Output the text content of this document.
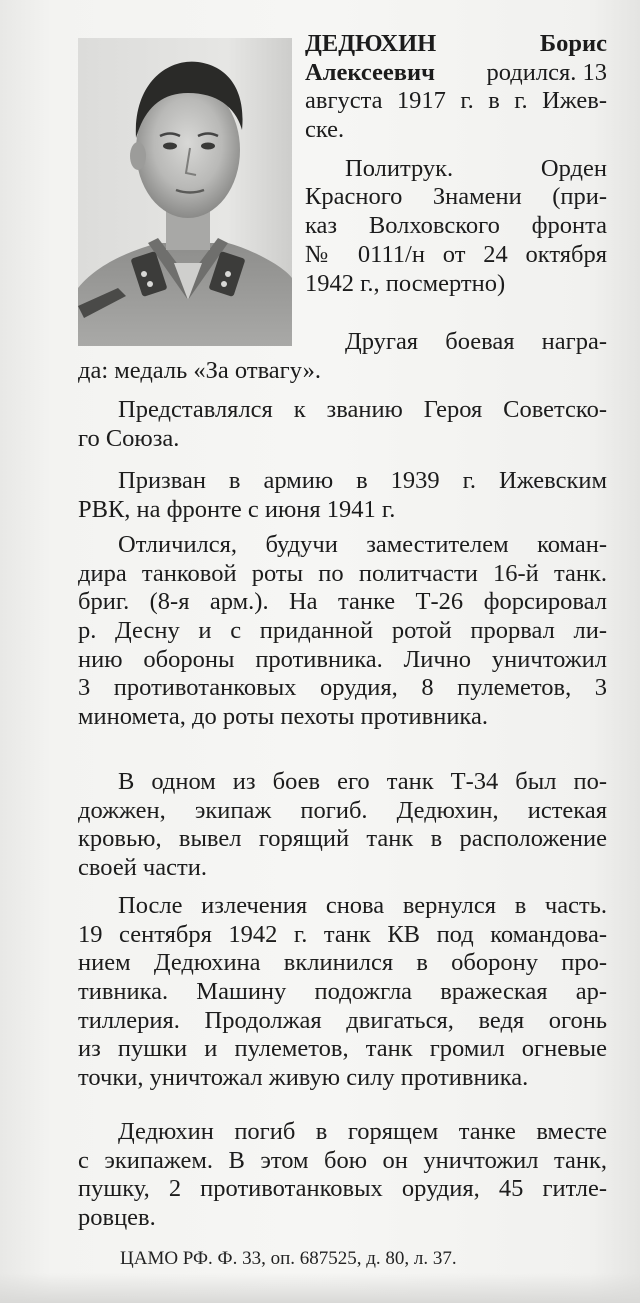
ДЕДЮХИН	Борис
Алексеевич родился. 13
августа 1917 г. в г. Ижев-
ске.
Политрук.	Орден
Красного Знамени (при-
каз Волховского фронта
№ 0111/н от 24 октября
1942 г., посмертно)
Другая боевая награ-
да: медаль «За отвагу».
Представлялся к званию Героя Советско-
го Союза.
Призван в армию в 1939 г. Ижевским
РВК, на фронте с июня 1941 г.
Отличился, будучи заместителем коман-
дира танковой роты по политчасти 16-й танк.
бриг. (8-я арм.). На танке Т-26 форсировал
р. Десну и с приданной ротой прорвал ли-
нию обороны противника. Лично уничтожил
3 противотанковых орудия, 8 пулеметов, 3
миномета, до роты пехоты противника.
В одном из боев его танк Т-34 был по-
дожжен, экипаж погиб. Дедюхин, истекая
кровью, вывел горящий танк в расположение
своей части.
После излечения снова вернулся в часть.
19 сентября 1942 г. танк КВ под командова-
нием Дедюхина вклинился в оборону про-
тивника. Машину подожгла вражеская ар-
тиллерия. Продолжая двигаться, ведя огонь
из пушки и пулеметов, танк громил огневые
точки, уничтожал живую силу противника.
Дедюхин погиб в горящем танке вместе
с экипажем. В этом бою он уничтожил танк,
пушку, 2 противотанковых орудия, 45 гитле-
ровцев.
ЦАМО РФ. Ф. 33, оп. 687525, д. 80, л. 37.
